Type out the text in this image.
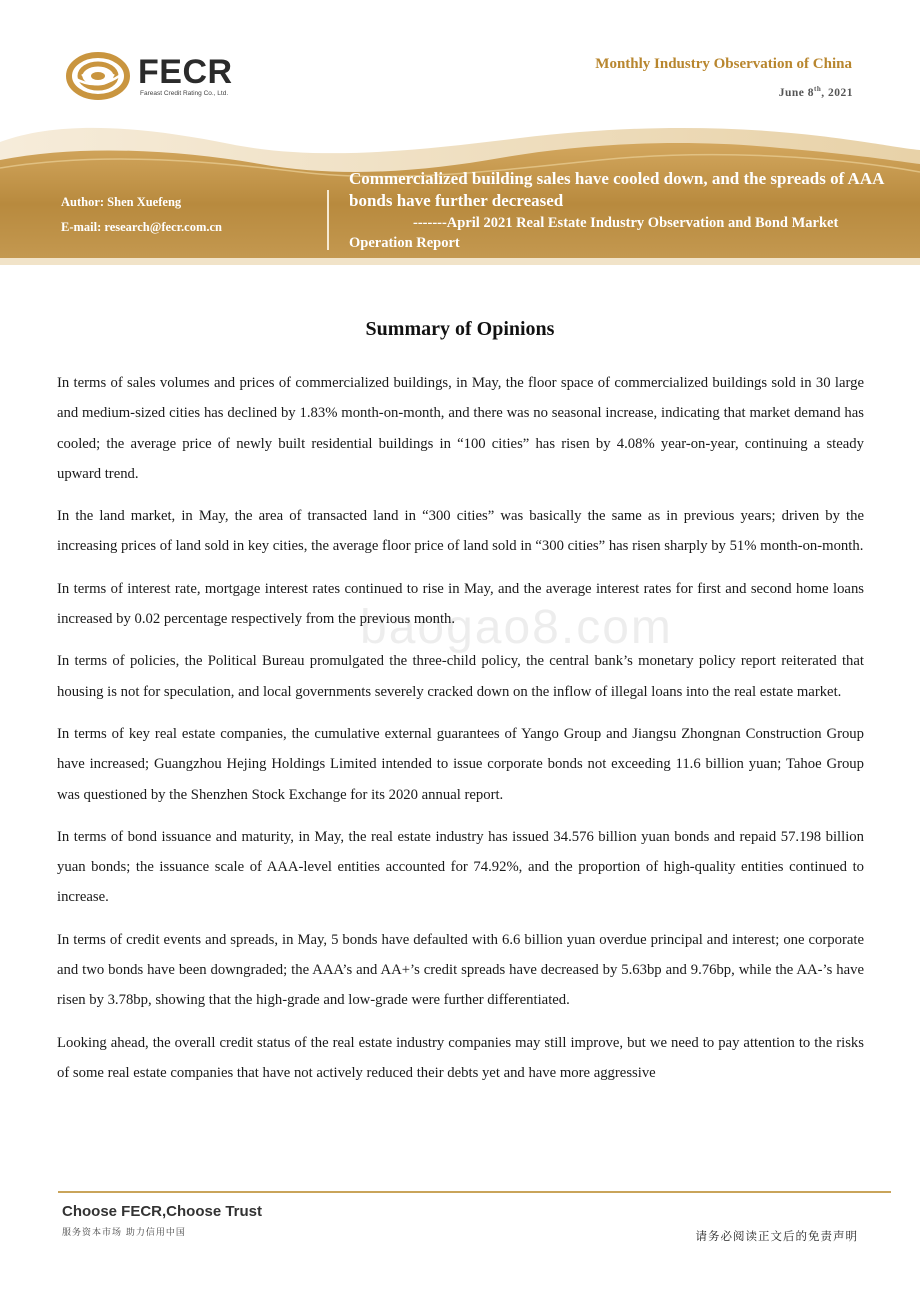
FECR
Fareast Credit Rating Co., Ltd.
Monthly Industry Observation of China
June 8th, 2021
Author: Shen Xuefeng
E-mail: research@fecr.com.cn
Commercialized building sales have cooled down, and the spreads of AAA bonds have further decreased
-------April 2021 Real Estate Industry Observation and Bond Market Operation Report
Summary of Opinions

In terms of sales volumes and prices of commercialized buildings, in May, the floor space of commercialized buildings sold in 30 large and medium-sized cities has declined by 1.83% month-on-month, and there was no seasonal increase, indicating that market demand has cooled; the average price of newly built residential buildings in “100 cities” has risen by 4.08% year-on-year, continuing a steady upward trend.

In the land market, in May, the area of transacted land in “300 cities” was basically the same as in previous years; driven by the increasing prices of land sold in key cities, the average floor price of land sold in “300 cities” has risen sharply by 51% month-on-month.

In terms of interest rate, mortgage interest rates continued to rise in May, and the average interest rates for first and second home loans increased by 0.02 percentage respectively from the previous month.

In terms of policies, the Political Bureau promulgated the three-child policy, the central bank’s monetary policy report reiterated that housing is not for speculation, and local governments severely cracked down on the inflow of illegal loans into the real estate market.

In terms of key real estate companies, the cumulative external guarantees of Yango Group and Jiangsu Zhongnan Construction Group have increased; Guangzhou Hejing Holdings Limited intended to issue corporate bonds not exceeding 11.6 billion yuan; Tahoe Group was questioned by the Shenzhen Stock Exchange for its 2020 annual report.

In terms of bond issuance and maturity, in May, the real estate industry has issued 34.576 billion yuan bonds and repaid 57.198 billion yuan bonds; the issuance scale of AAA-level entities accounted for 74.92%, and the proportion of high-quality entities continued to increase.

In terms of credit events and spreads, in May, 5 bonds have defaulted with 6.6 billion yuan overdue principal and interest; one corporate and two bonds have been downgraded; the AAA’s and AA+’s credit spreads have decreased by 5.63bp and 9.76bp, while the AA-’s have risen by 3.78bp, showing that the high-grade and low-grade were further differentiated.

Looking ahead, the overall credit status of the real estate industry companies may still improve, but we need to pay attention to the risks of some real estate companies that have not actively reduced their debts yet and have more aggressive

baogao8.com
Choose FECR,Choose Trust
服务资本市场 助力信用中国	请务必阅读正文后的免责声明
